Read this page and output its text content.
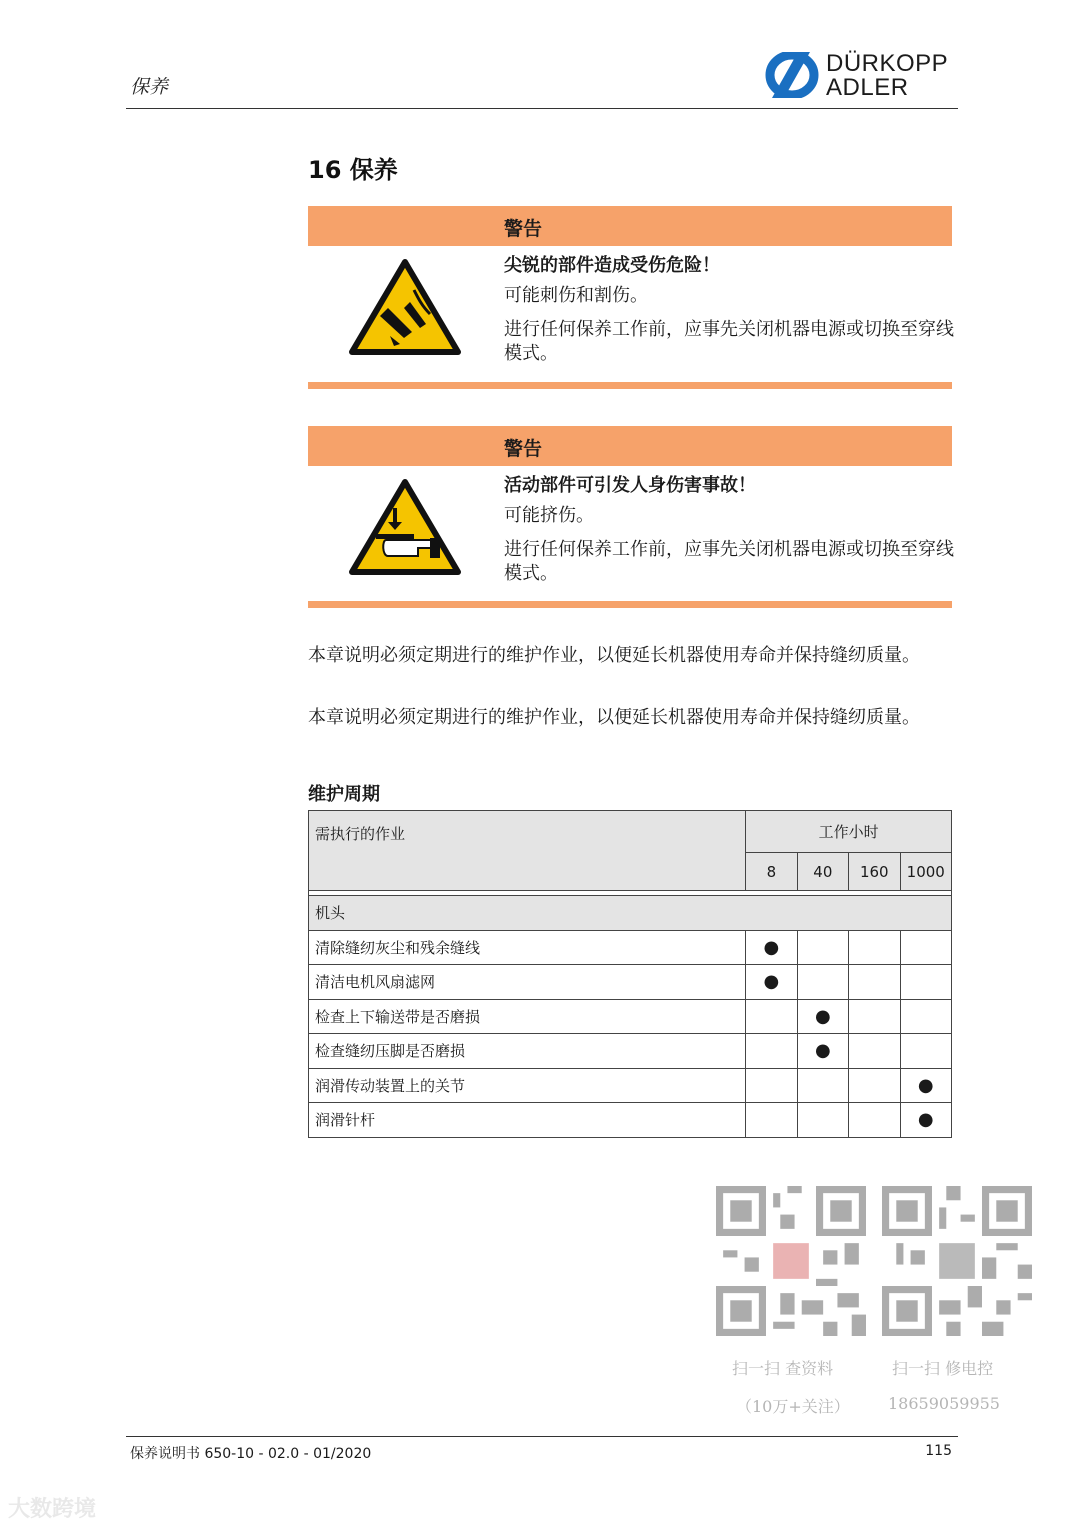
保养
DÜRKOPP
ADLER
16 保养
警告
尖锐的部件造成受伤危险！
可能刺伤和割伤。
进行任何保养工作前，应事先关闭机器电源或切换至穿线模式。
警告
活动部件可引发人身伤害事故！
可能挤伤。
进行任何保养工作前，应事先关闭机器电源或切换至穿线模式。
本章说明必须定期进行的维护作业，以便延长机器使用寿命并保持缝纫质量。
本章说明必须定期进行的维护作业，以便延长机器使用寿命并保持缝纫质量。
维护周期
需执行的作业	工作小时			
	8	40	160	1000

机头				
清除缝纫灰尘和残余缝线	●			
清洁电机风扇滤网	●			
检查上下输送带是否磨损		●		
检查缝纫压脚是否磨损		●		
润滑传动装置上的关节				●
润滑针杆				●
扫一扫 查资料
（10万+关注）
扫一扫 修电控
18659059955
保养说明书 650-10 - 02.0 - 01/2020	115
大数跨境
